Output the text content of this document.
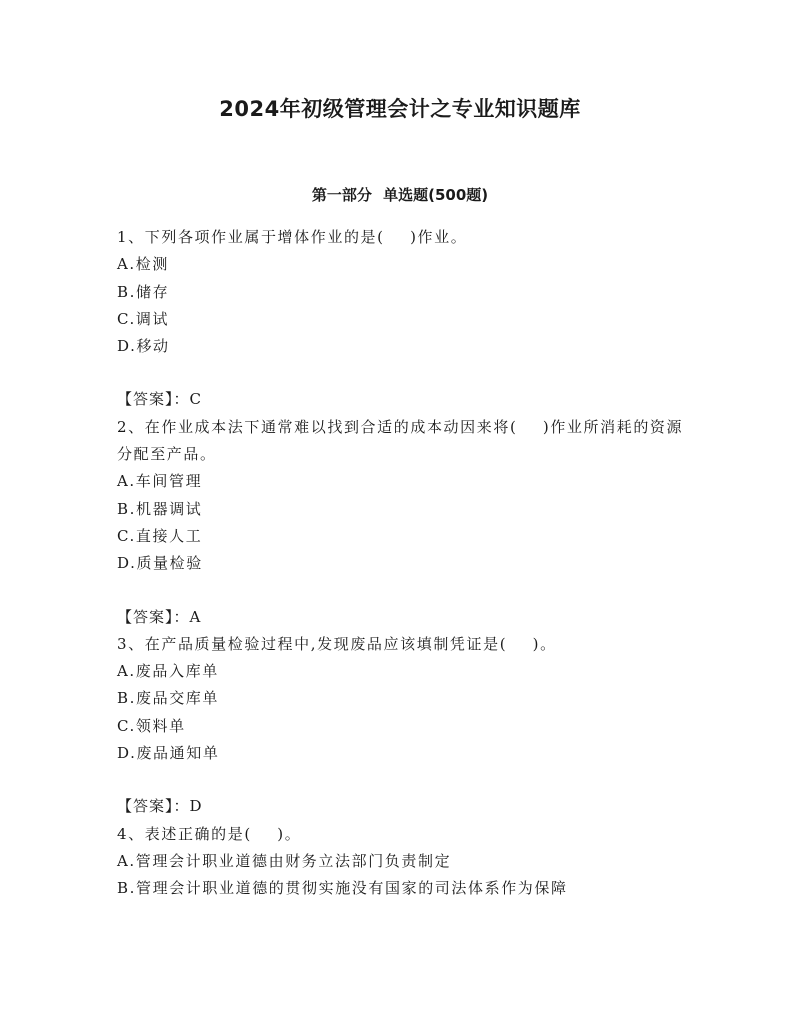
2024年初级管理会计之专业知识题库
第一部分 单选题(500题)

1、下列各项作业属于增体作业的是(    )作业。

A.检测

B.储存

C.调试

D.移动

【答案】：C

2、在作业成本法下通常难以找到合适的成本动因来将(    )作业所消耗的资源分配至产品。

A.车间管理

B.机器调试

C.直接人工

D.质量检验

【答案】：A

3、在产品质量检验过程中,发现废品应该填制凭证是(    )。

A.废品入库单

B.废品交库单

C.领料单

D.废品通知单

【答案】：D

4、表述正确的是(    )。

A.管理会计职业道德由财务立法部门负责制定

B.管理会计职业道德的贯彻实施没有国家的司法体系作为保障
